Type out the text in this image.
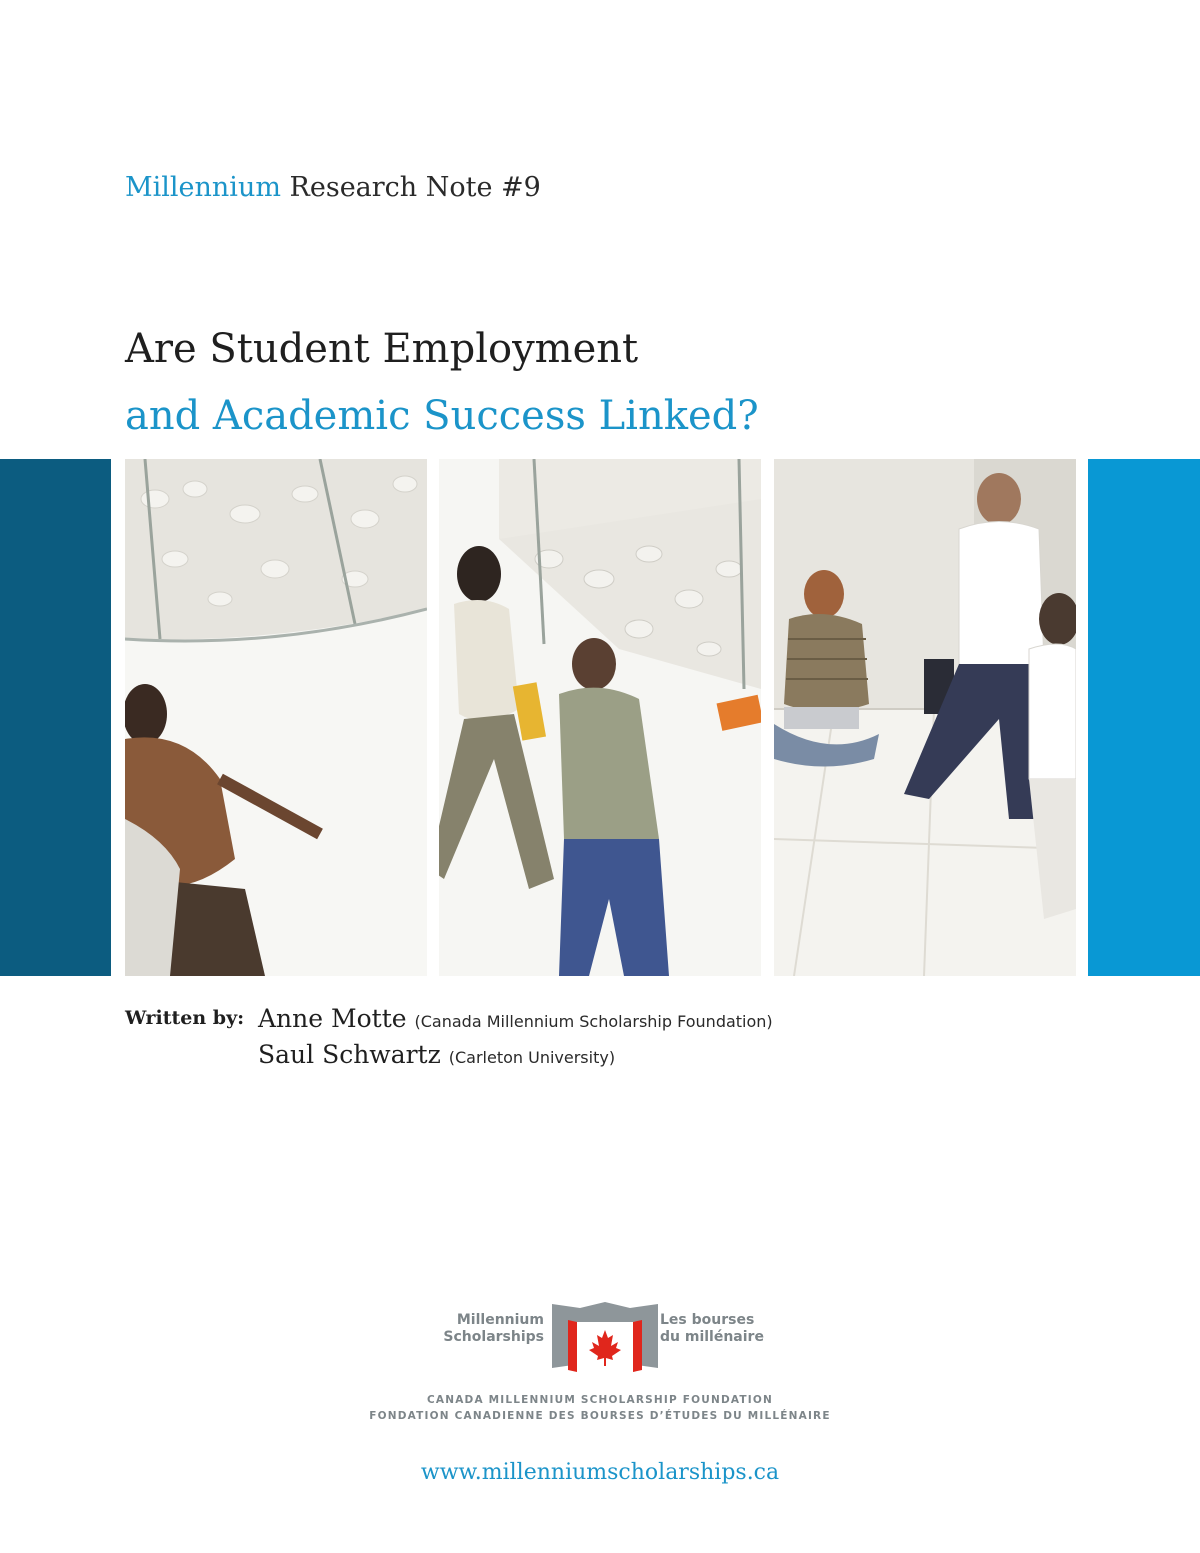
Millennium Research Note #9
Are Student Employment
and Academic Success Linked?
Written by: Anne Motte (Canada Millennium Scholarship Foundation)
Saul Schwartz (Carleton University)
Millennium
Scholarships
Les bourses
du millénaire
CANADA MILLENNIUM SCHOLARSHIP FOUNDATION
FONDATION CANADIENNE DES BOURSES D’ÉTUDES DU MILLÉNAIRE
www.millenniumscholarships.ca
